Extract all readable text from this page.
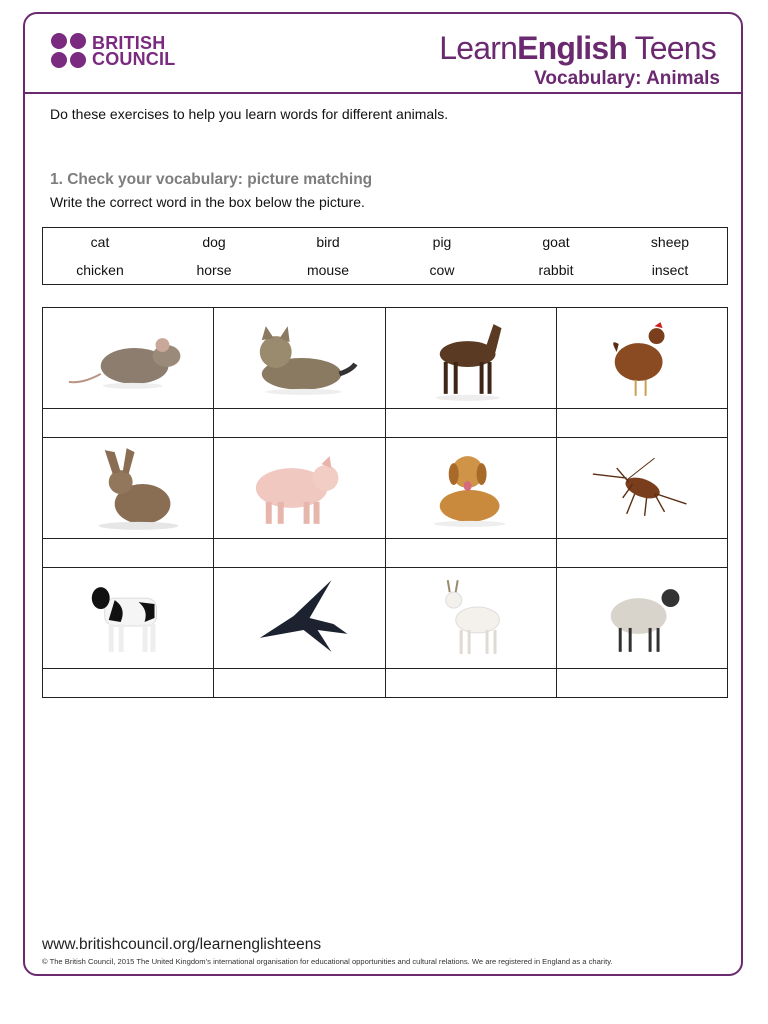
BRITISH
COUNCIL	LearnEnglish Teens
Vocabulary: Animals
Do these exercises to help you learn words for different animals.
1. Check your vocabulary: picture matching
Write the correct word in the box below the picture.
cat	dog	bird	pig	goat	sheep
chicken	horse	mouse	cow	rabbit	insect

www.britishcouncil.org/learnenglishteens
© The British Council, 2015 The United Kingdom’s international organisation for educational opportunities and cultural relations. We are registered in England as a charity.
